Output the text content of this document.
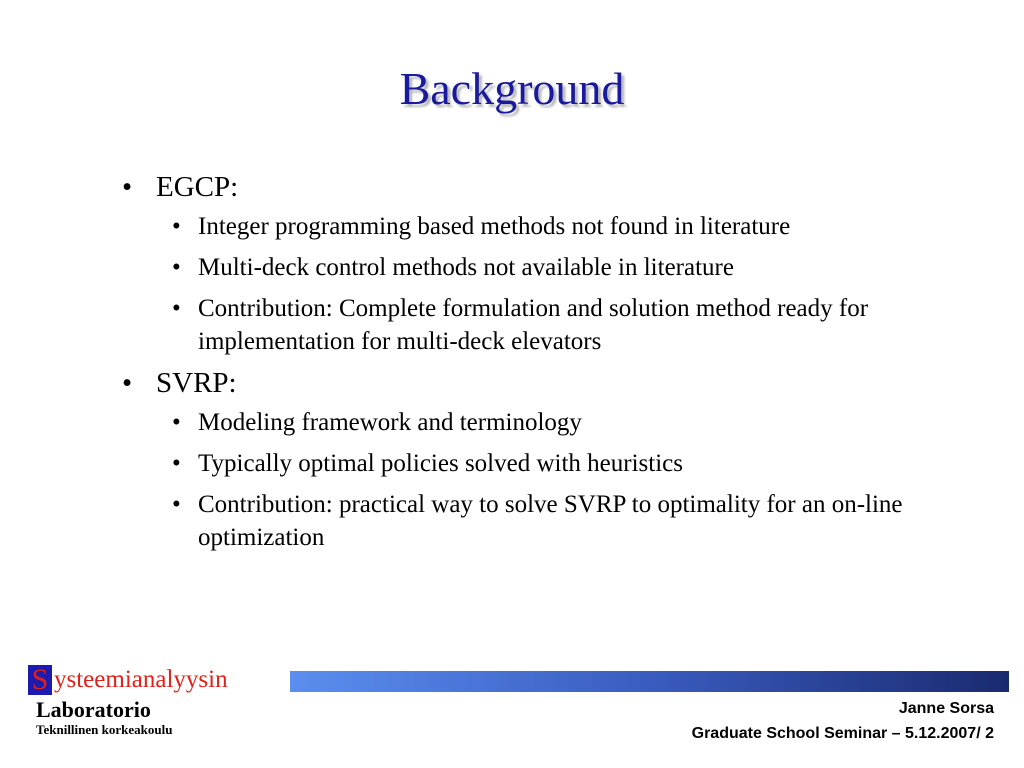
Background
• EGCP:
• Integer programming based methods not found in literature
• Multi-deck control methods not available in literature
• Contribution: Complete formulation and solution method ready for implementation for multi-deck elevators
• SVRP:
• Modeling framework and terminology
• Typically optimal policies solved with heuristics
• Contribution: practical way to solve SVRP to optimality for an on-line optimization
S ysteemianalyysin
Laboratorio
Teknillinen korkeakoulu
Janne Sorsa
Graduate School Seminar – 5.12.2007/ 2
